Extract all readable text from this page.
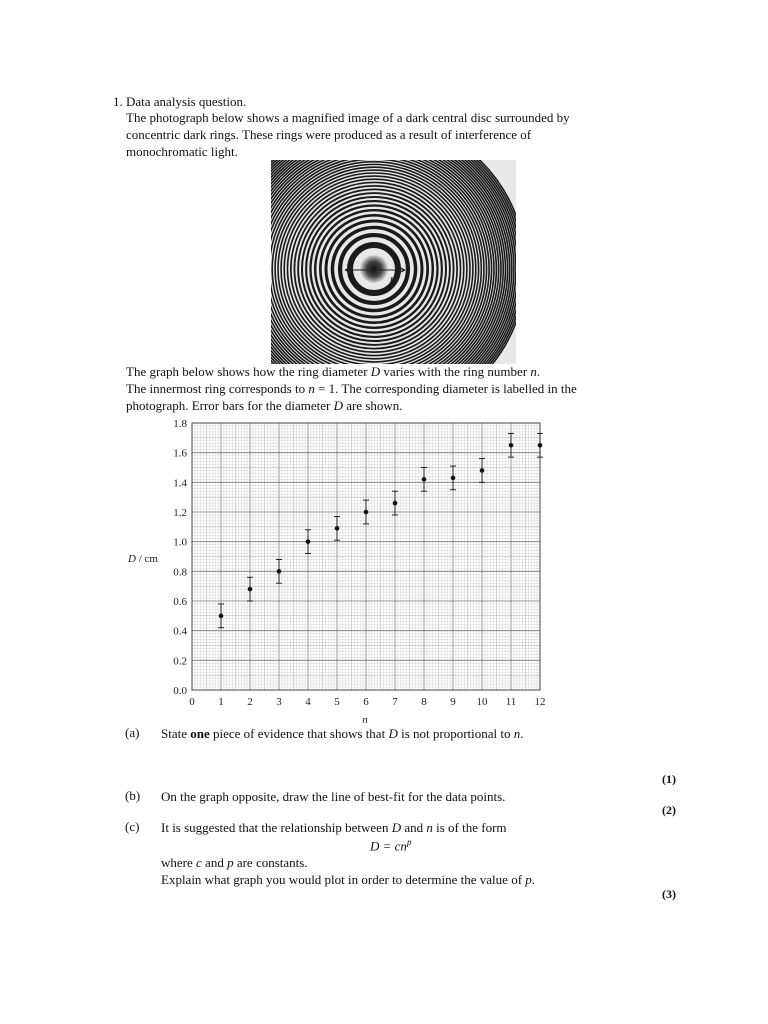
1. Data analysis question.
The photograph below shows a magnified image of a dark central disc surrounded by
concentric dark rings. These rings were produced as a result of interference of
monochromatic light.
D
The graph below shows how the ring diameter D varies with the ring number n.
The innermost ring corresponds to n = 1. The corresponding diameter is labelled in the
photograph. Error bars for the diameter D are shown.
0 1 2 3 4 5 6 7 8 9 10 11 12
0.0
0.2
0.4
0.6
0.8
1.0
1.2
1.4
1.6
1.8
D / cm
n
(a) State one piece of evidence that shows that D is not proportional to n.
(1)
(b) On the graph opposite, draw the line of best-fit for the data points.
(2)
(c) It is suggested that the relationship between D and n is of the form
$D = cn^p$
where c and p are constants.
Explain what graph you would plot in order to determine the value of p.
(3)
